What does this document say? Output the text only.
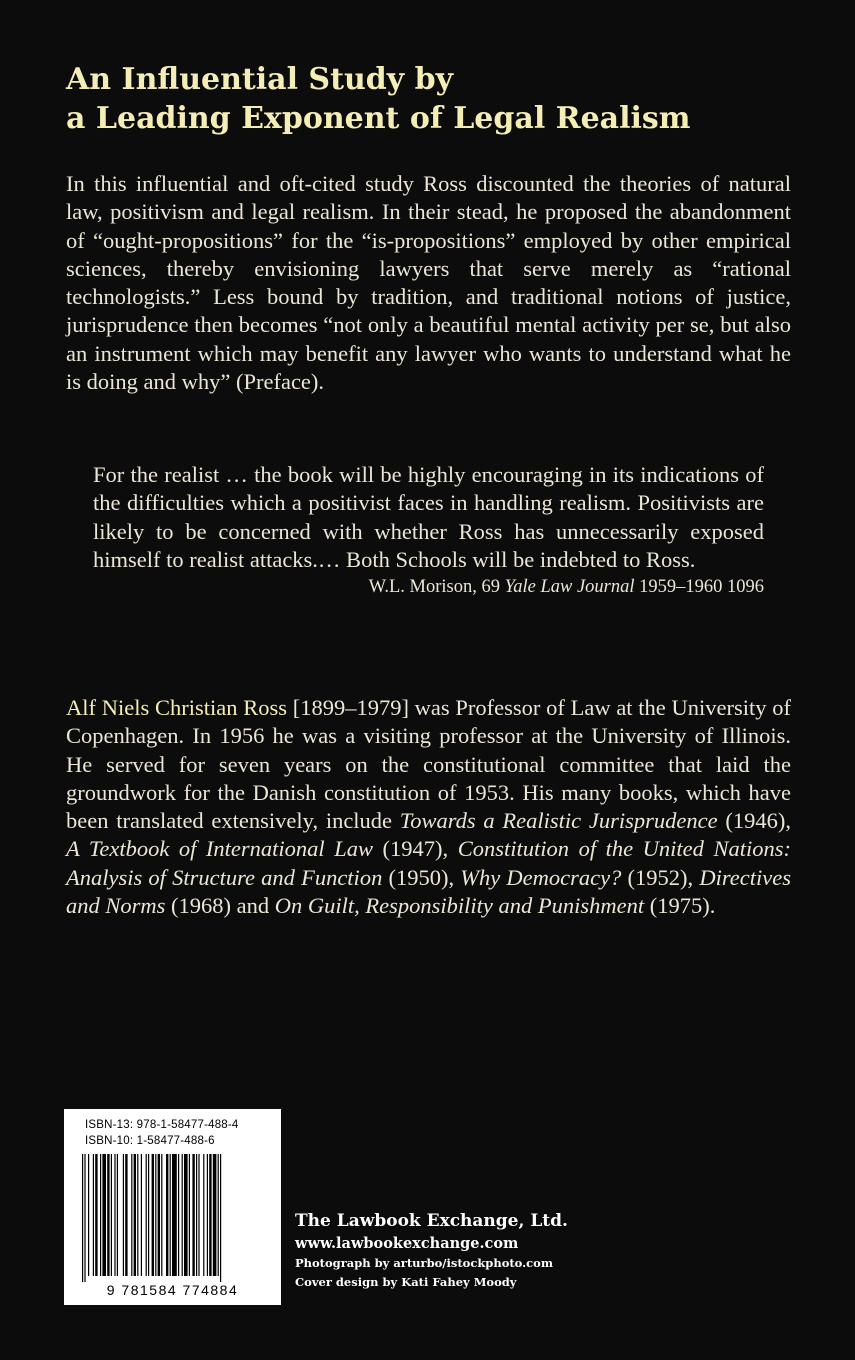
An Influential Study by
a Leading Exponent of Legal Realism

In this influential and oft-cited study Ross discounted the theories of natural law, positivism and legal realism. In their stead, he proposed the abandonment of “ought-propositions” for the “is-propositions” employed by other empirical sciences, thereby envisioning lawyers that serve merely as “rational technologists.” Less bound by tradition, and traditional notions of justice, jurisprudence then becomes “not only a beautiful mental activity per se, but also an instrument which may benefit any lawyer who wants to understand what he is doing and why” (Preface).

For the realist … the book will be highly encouraging in its indications of the difficulties which a positivist faces in handling realism. Positivists are likely to be concerned with whether Ross has unnecessarily exposed himself to realist attacks.… Both Schools will be indebted to Ross.
W.L. Morison, 69 Yale Law Journal 1959–1960 1096

Alf Niels Christian Ross [1899–1979] was Professor of Law at the University of Copenhagen. In 1956 he was a visiting professor at the University of Illinois. He served for seven years on the constitutional committee that laid the groundwork for the Danish constitution of 1953. His many books, which have been translated extensively, include Towards a Realistic Jurisprudence (1946), A Textbook of International Law (1947), Constitution of the United Nations: Analysis of Structure and Function (1950), Why Democracy? (1952), Directives and Norms (1968) and On Guilt, Responsibility and Punishment (1975).

ISBN-13: 978-1-58477-488-4
ISBN-10: 1-58477-488-6
9 781584 774884
The Lawbook Exchange, Ltd.
www.lawbookexchange.com
Photograph by arturbo/istockphoto.com
Cover design by Kati Fahey Moody
